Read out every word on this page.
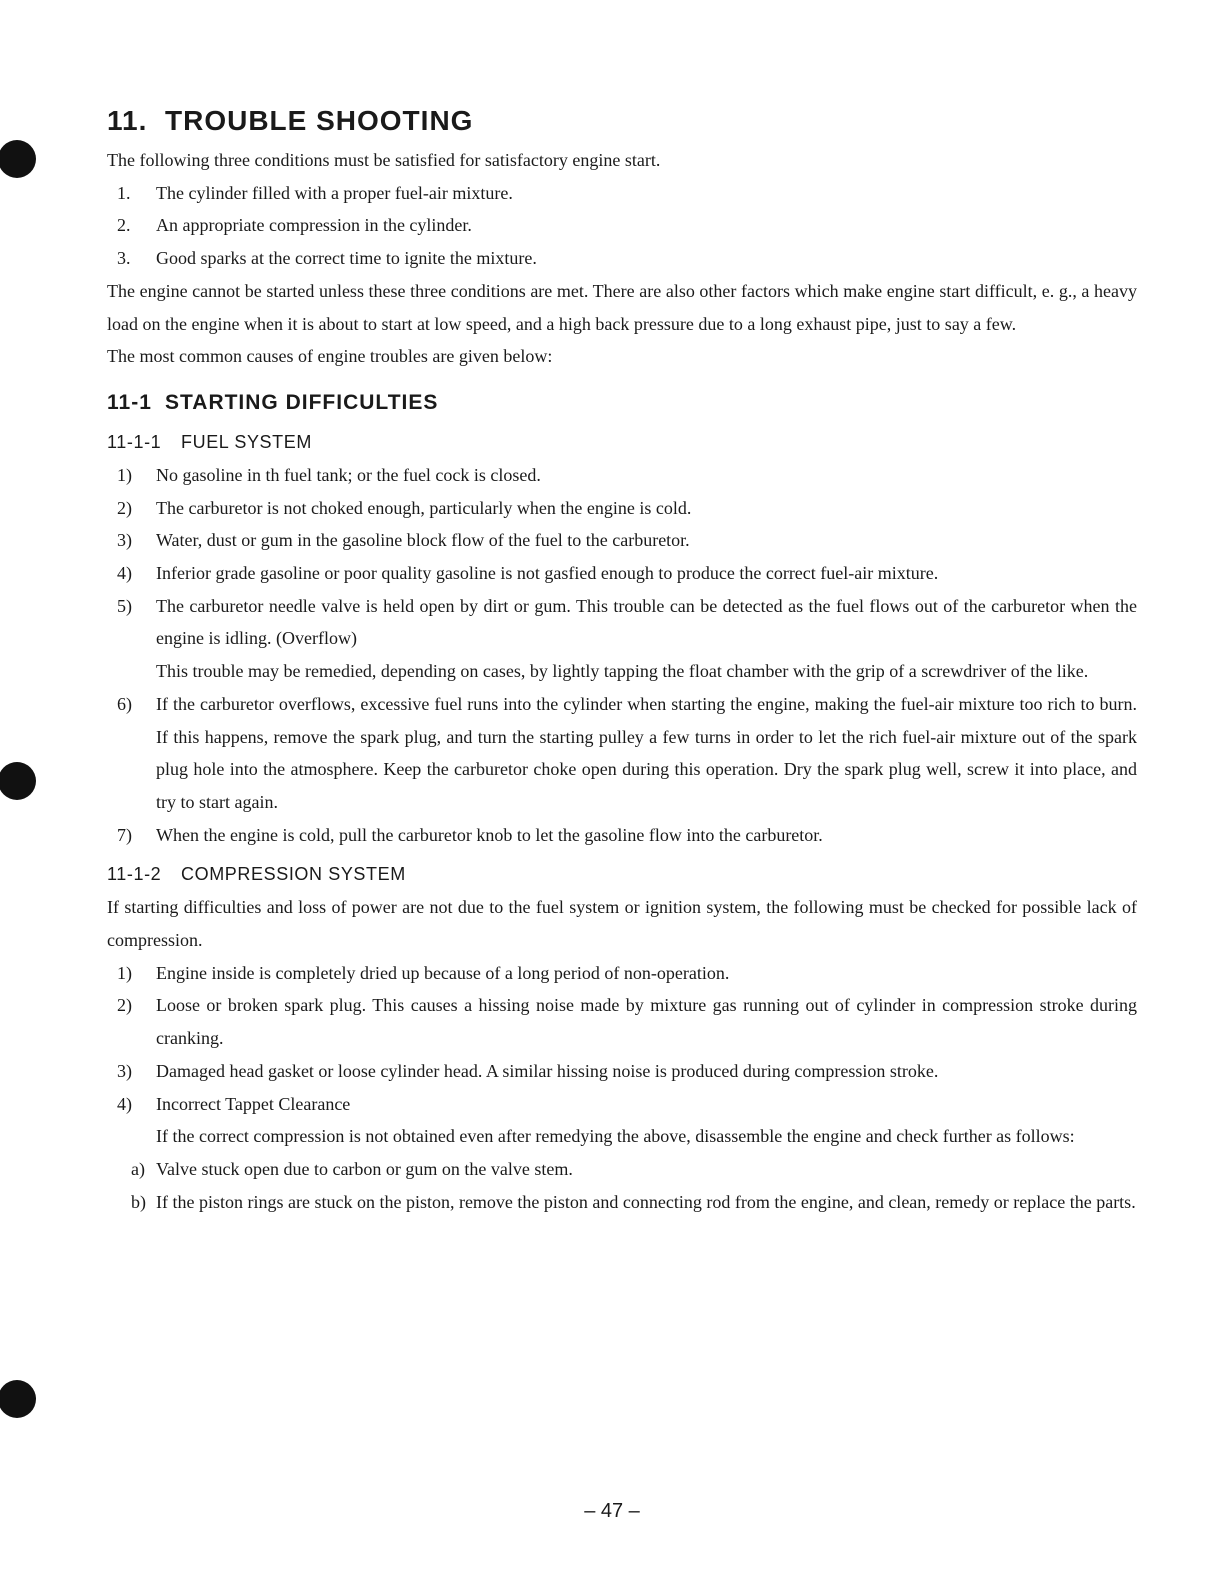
11. TROUBLE SHOOTING

The following three conditions must be satisfied for satisfactory engine start.

1.	The cylinder filled with a proper fuel-air mixture.
2.	An appropriate compression in the cylinder.
3.	Good sparks at the correct time to ignite the mixture.

The engine cannot be started unless these three conditions are met. There are also other factors which make engine start difficult, e. g., a heavy load on the engine when it is about to start at low speed, and a high back pressure due to a long exhaust pipe, just to say a few.

The most common causes of engine troubles are given below:

11-1 STARTING DIFFICULTIES
11-1-1 FUEL SYSTEM
1)	No gasoline in th fuel tank; or the fuel cock is closed.
2)	The carburetor is not choked enough, particularly when the engine is cold.
3)	Water, dust or gum in the gasoline block flow of the fuel to the carburetor.
4)	Inferior grade gasoline or poor quality gasoline is not gasfied enough to produce the correct fuel-air mixture.
5)	The carburetor needle valve is held open by dirt or gum. This trouble can be detected as the fuel flows out of the carburetor when the engine is idling. (Overflow)
This trouble may be remedied, depending on cases, by lightly tapping the float chamber with the grip of a screwdriver of the like.
6)	If the carburetor overflows, excessive fuel runs into the cylinder when starting the engine, making the fuel-air mixture too rich to burn. If this happens, remove the spark plug, and turn the starting pulley a few turns in order to let the rich fuel-air mixture out of the spark plug hole into the atmosphere. Keep the carburetor choke open during this operation. Dry the spark plug well, screw it into place, and try to start again.
7)	When the engine is cold, pull the carburetor knob to let the gasoline flow into the carburetor.
11-1-2 COMPRESSION SYSTEM

If starting difficulties and loss of power are not due to the fuel system or ignition system, the following must be checked for possible lack of compression.

1)	Engine inside is completely dried up because of a long period of non-operation.
2)	Loose or broken spark plug. This causes a hissing noise made by mixture gas running out of cylinder in compression stroke during cranking.
3)	Damaged head gasket or loose cylinder head. A similar hissing noise is produced during compression stroke.
4)	Incorrect Tappet Clearance
If the correct compression is not obtained even after remedying the above, disassemble the engine and check further as follows:
a) Valve stuck open due to carbon or gum on the valve stem.
b) If the piston rings are stuck on the piston, remove the piston and connecting rod from the engine, and clean, remedy or replace the parts.
– 47 –
